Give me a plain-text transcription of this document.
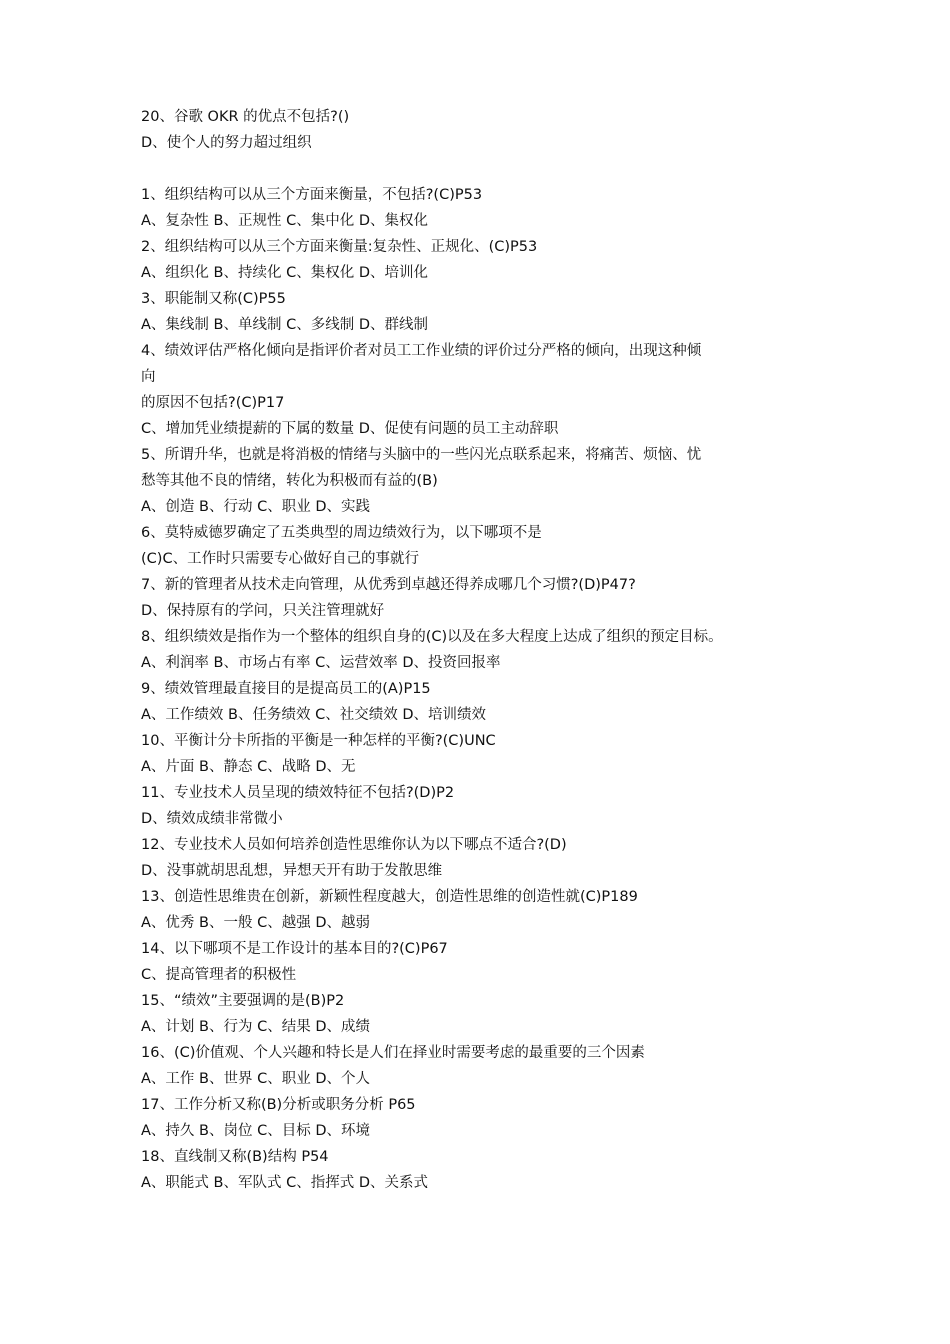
20、谷歌 OKR 的优点不包括?()
D、使个人的努力超过组织
1、组织结构可以从三个方面来衡量，不包括?(C)P53
A、复杂性 B、正规性 C、集中化 D、集权化
2、组织结构可以从三个方面来衡量:复杂性、正规化、(C)P53
A、组织化 B、持续化 C、集权化 D、培训化
3、职能制又称(C)P55
A、集线制 B、单线制 C、多线制 D、群线制
4、绩效评估严格化倾向是指评价者对员工工作业绩的评价过分严格的倾向，出现这种倾
向
的原因不包括?(C)P17
C、增加凭业绩提薪的下属的数量 D、促使有问题的员工主动辞职
5、所谓升华，也就是将消极的情绪与头脑中的一些闪光点联系起来，将痛苦、烦恼、忧
愁等其他不良的情绪，转化为积极而有益的(B)
A、创造 B、行动 C、职业 D、实践
6、莫特威德罗确定了五类典型的周边绩效行为，以下哪项不是
(C)C、工作时只需要专心做好自己的事就行
7、新的管理者从技术走向管理，从优秀到卓越还得养成哪几个习惯?(D)P47?
D、保持原有的学问，只关注管理就好
8、组织绩效是指作为一个整体的组织自身的(C)以及在多大程度上达成了组织的预定目标。
A、利润率 B、市场占有率 C、运营效率 D、投资回报率
9、绩效管理最直接目的是提高员工的(A)P15
A、工作绩效 B、任务绩效 C、社交绩效 D、培训绩效
10、平衡计分卡所指的平衡是一种怎样的平衡?(C)UNC
A、片面 B、静态 C、战略 D、无
11、专业技术人员呈现的绩效特征不包括?(D)P2
D、绩效成绩非常微小
12、专业技术人员如何培养创造性思维你认为以下哪点不适合?(D)
D、没事就胡思乱想，异想天开有助于发散思维
13、创造性思维贵在创新，新颖性程度越大，创造性思维的创造性就(C)P189
A、优秀 B、一般 C、越强 D、越弱
14、以下哪项不是工作设计的基本目的?(C)P67
C、提高管理者的积极性
15、“绩效”主要强调的是(B)P2
A、计划 B、行为 C、结果 D、成绩
16、(C)价值观、个人兴趣和特长是人们在择业时需要考虑的最重要的三个因素
A、工作 B、世界 C、职业 D、个人
17、工作分析又称(B)分析或职务分析 P65
A、持久 B、岗位 C、目标 D、环境
18、直线制又称(B)结构 P54
A、职能式 B、军队式 C、指挥式 D、关系式
